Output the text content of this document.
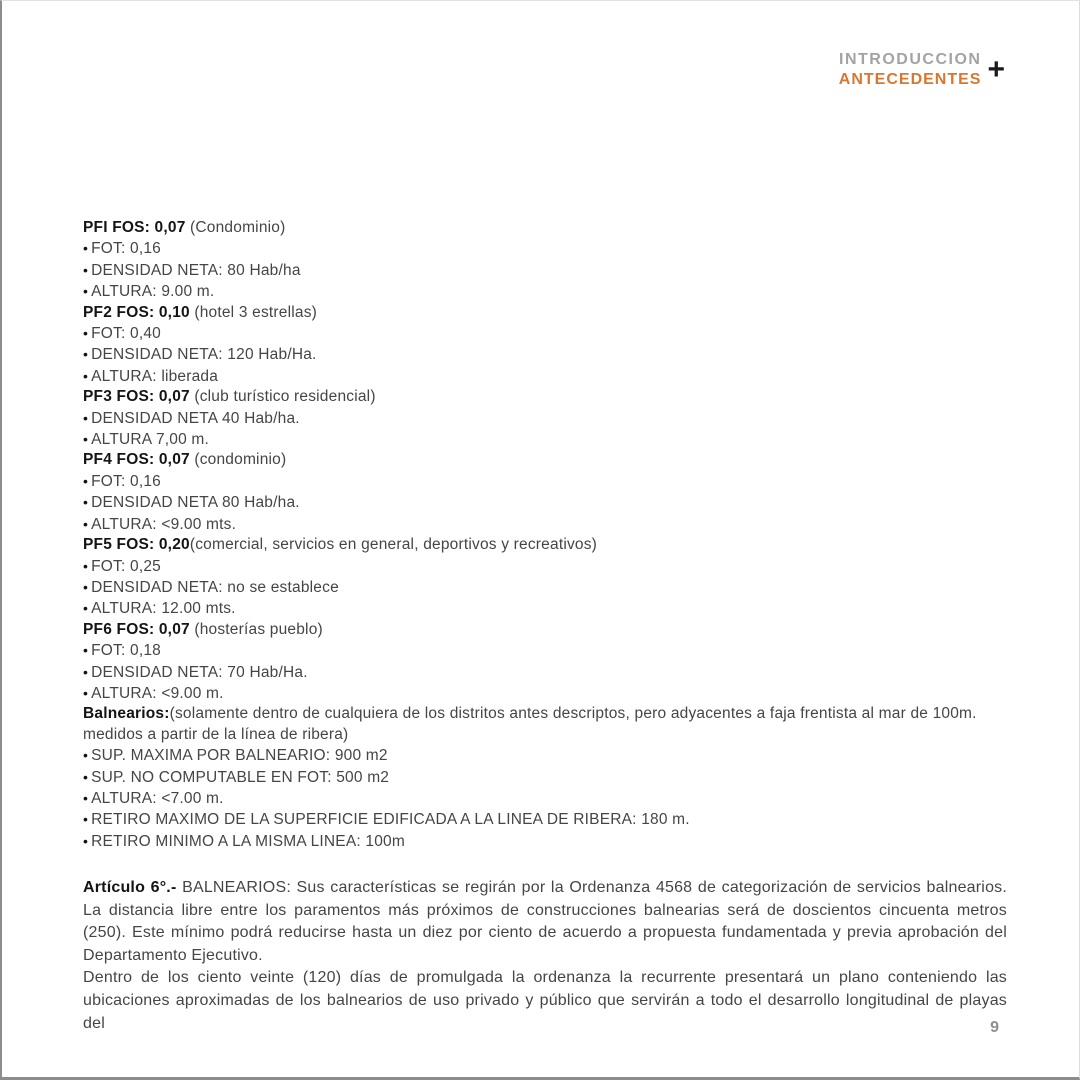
INTRODUCCION
ANTECEDENTES +
PFI FOS: 0,07 (Condominio)
• FOT: 0,16
• DENSIDAD NETA: 80 Hab/ha
• ALTURA: 9.00 m.
PF2 FOS: 0,10 (hotel 3 estrellas)
• FOT: 0,40
• DENSIDAD NETA: 120 Hab/Ha.
• ALTURA: liberada
PF3 FOS: 0,07 (club turístico residencial)
• DENSIDAD NETA 40 Hab/ha.
• ALTURA 7,00 m.
PF4 FOS: 0,07 (condominio)
• FOT: 0,16
• DENSIDAD NETA 80 Hab/ha.
• ALTURA: <9.00 mts.
PF5 FOS: 0,20(comercial, servicios en general, deportivos y recreativos)
• FOT: 0,25
• DENSIDAD NETA: no se establece
• ALTURA: 12.00 mts.
PF6 FOS: 0,07 (hosterías pueblo)
• FOT: 0,18
• DENSIDAD NETA: 70 Hab/Ha.
• ALTURA: <9.00 m.
Balnearios:(solamente dentro de cualquiera de los distritos antes descriptos, pero adyacentes a faja frentista al mar de 100m. medidos a partir de la línea de ribera)
• SUP. MAXIMA POR BALNEARIO: 900 m2
• SUP. NO COMPUTABLE EN FOT: 500 m2
• ALTURA: <7.00 m.
• RETIRO MAXIMO DE LA SUPERFICIE EDIFICADA A LA LINEA DE RIBERA: 180 m.
• RETIRO MINIMO A LA MISMA LINEA: 100m

Artículo 6°.- BALNEARIOS: Sus características se regirán por la Ordenanza 4568 de categorización de servicios balnearios. La distancia libre entre los paramentos más próximos de construcciones balnearias será de doscientos cincuenta metros (250). Este mínimo podrá reducirse hasta un diez por ciento de acuerdo a propuesta fundamentada y previa aprobación del Departamento Ejecutivo.

Dentro de los ciento veinte (120) días de promulgada la ordenanza la recurrente presentará un plano conteniendo las ubicaciones aproximadas de los balnearios de uso privado y público que servirán a todo el desarrollo longitudinal de playas del	9
